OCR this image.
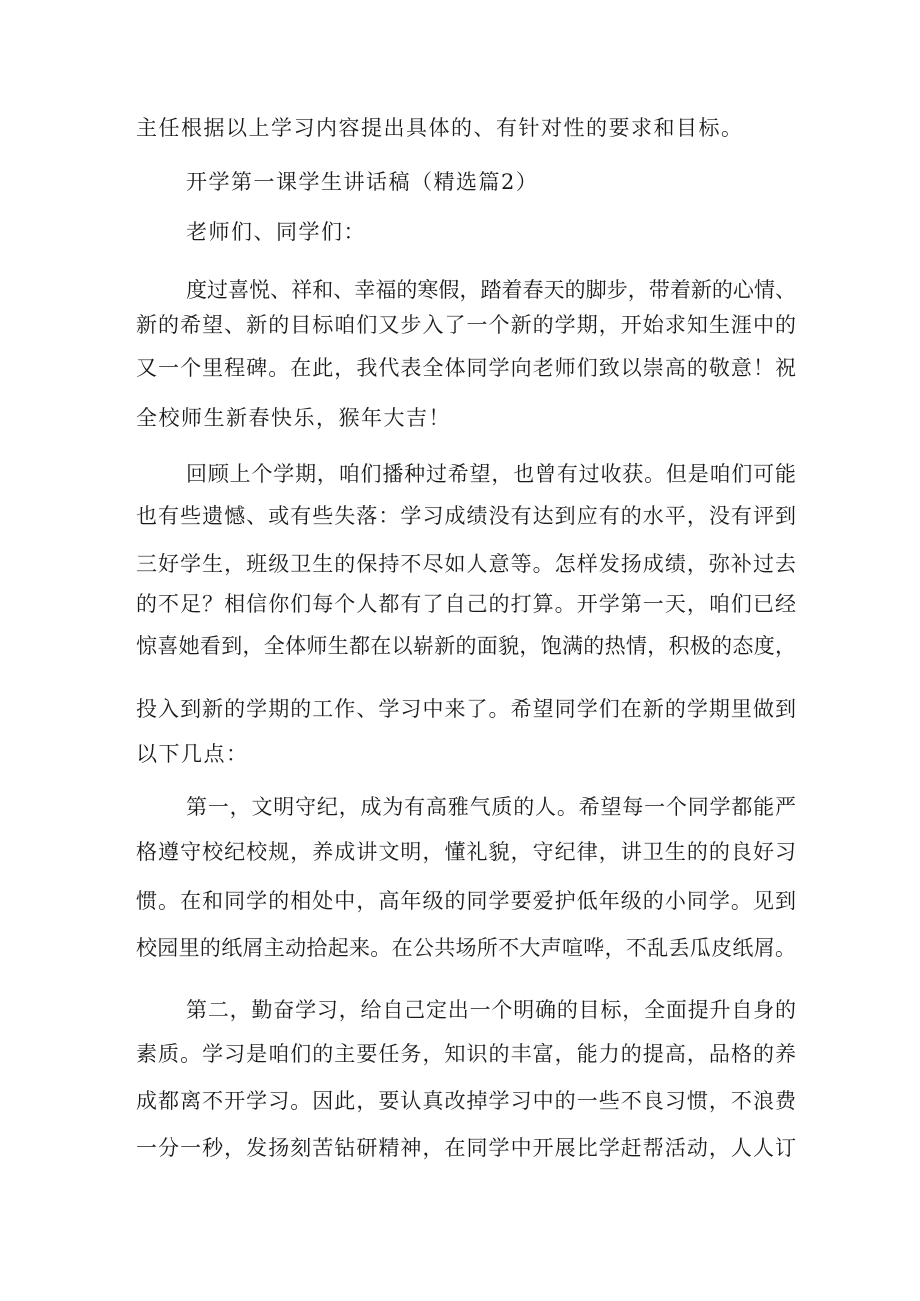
主任根据以上学习内容提出具体的、有针对性的要求和目标。
开学第一课学生讲话稿（精选篇2）
老师们、同学们：
度过喜悦、祥和、幸福的寒假，踏着春天的脚步，带着新的心情、
新的希望、新的目标咱们又步入了一个新的学期，开始求知生涯中的
又一个里程碑。在此，我代表全体同学向老师们致以崇高的敬意！祝
全校师生新春快乐，猴年大吉！
回顾上个学期，咱们播种过希望，也曾有过收获。但是咱们可能
也有些遗憾、或有些失落：学习成绩没有达到应有的水平，没有评到
三好学生，班级卫生的保持不尽如人意等。怎样发扬成绩，弥补过去
的不足？相信你们每个人都有了自己的打算。开学第一天，咱们已经
惊喜她看到，全体师生都在以崭新的面貌，饱满的热情，积极的态度，
投入到新的学期的工作、学习中来了。希望同学们在新的学期里做到
以下几点：
第一，文明守纪，成为有高雅气质的人。希望每一个同学都能严
格遵守校纪校规，养成讲文明，懂礼貌，守纪律，讲卫生的的良好习
惯。在和同学的相处中，高年级的同学要爱护低年级的小同学。见到
校园里的纸屑主动拾起来。在公共场所不大声喧哗，不乱丢瓜皮纸屑。
第二，勤奋学习，给自己定出一个明确的目标，全面提升自身的
素质。学习是咱们的主要任务，知识的丰富，能力的提高，品格的养
成都离不开学习。因此，要认真改掉学习中的一些不良习惯，不浪费
一分一秒，发扬刻苦钻研精神，在同学中开展比学赶帮活动，人人订
